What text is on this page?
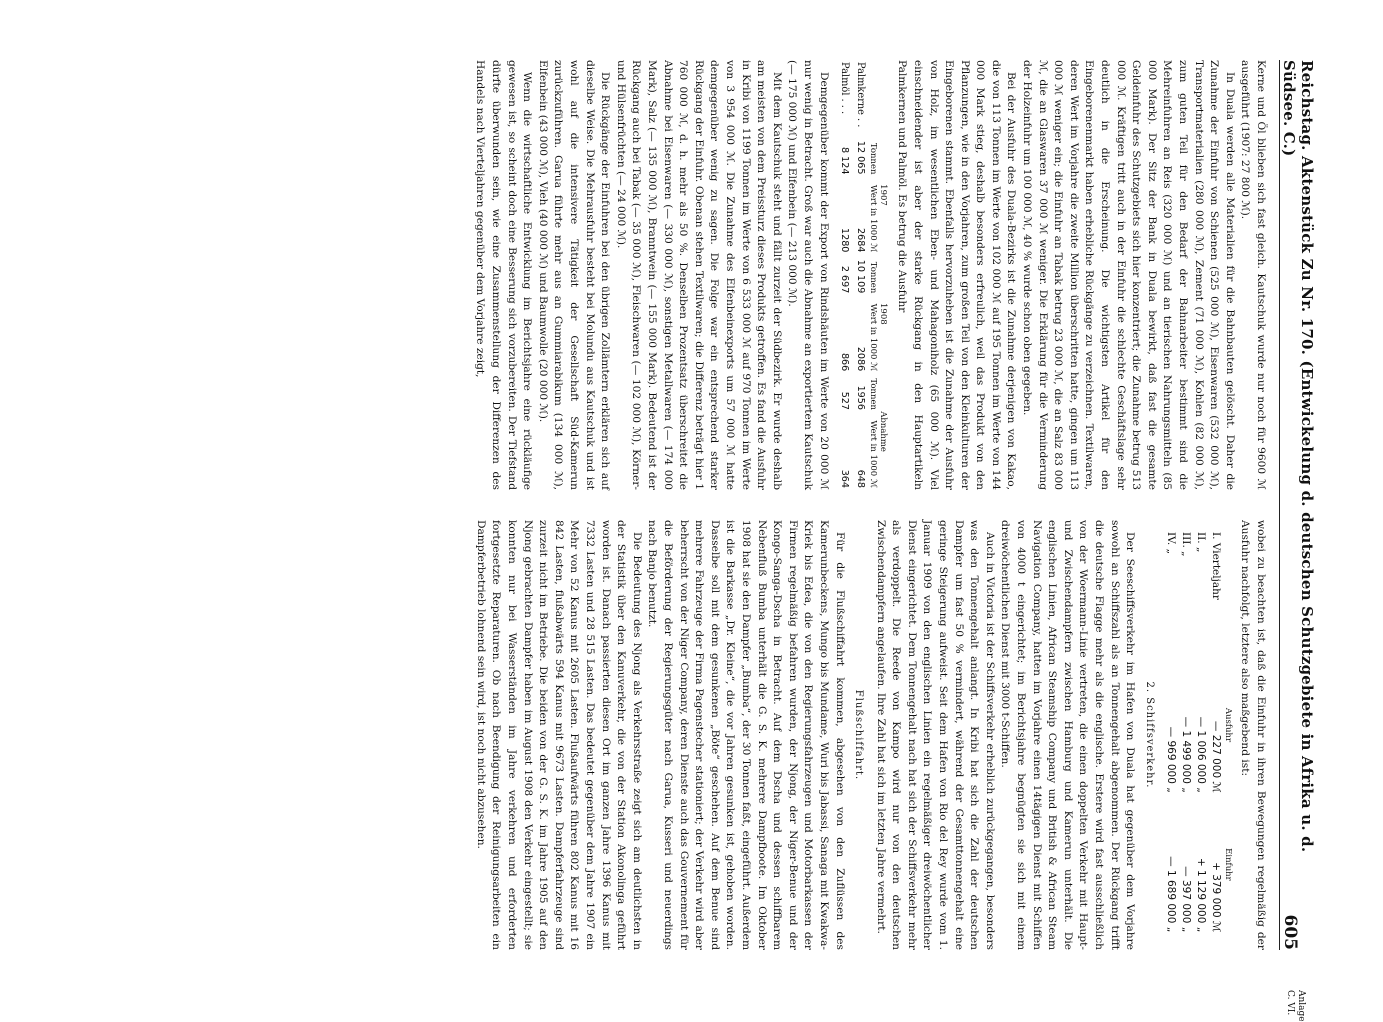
Reichstag. Aktenstück Zu Nr. 170. (Entwickelung d. deutschen Schutzgebiete in Afrika u. d. Südsee. C.)
605

Kerne und Öl blieben sich fast gleich. Kautschuk wurde nur noch für 9600 ℳ ausgeführt (1907: 27 800 ℳ).

In Duala werden alle Materialien für die Bahnbauten gelöscht. Daher die Zunahme der Einfuhr von Schienen (525 000 ℳ), Eisenwaren (532 000 ℳ), Transportmaterialien (280 000 ℳ), Zement (71 000 ℳ), Kohlen (82 000 ℳ), zum guten Teil für den Bedarf der Bahnarbeiter bestimmt sind die Mehreinfuhren an Reis (320 000 ℳ) und an tierischen Nahrungsmitteln (85 000 Mark). Der Sitz der Bank in Duala bewirkt, daß fast die gesamte Geldeinfuhr des Schutzgebiets sich hier konzentriert; die Zunahme betrug 513 000 ℳ. Kräftigen tritt auch in der Einfuhr die schlechte Geschäftslage sehr deutlich in die Erscheinung. Die wichtigsten Artikel für den Eingeborenenmarkt haben erhebliche Rückgänge zu verzeichnen. Textilwaren, deren Wert im Vorjahre die zweite Million überschritten hatte, gingen um 113 000 ℳ weniger ein; die Einfuhr an Tabak betrug 23 000 ℳ, die an Salz 83 000 ℳ, die an Glaswaren 37 000 ℳ weniger. Die Erklärung für die Verminderung der Holzeinfuhr um 100 000 ℳ, 40 % wurde schon oben gegeben.

Bei der Ausfuhr des Duala-Bezirks ist die Zunahme derjenigen von Kakao, die von 113 Tonnen im Werte von 102 000 ℳ auf 195 Tonnen im Werte von 144 000 Mark stieg, deshalb besonders erfreulich, weil das Produkt von den Pflanzungen, wie in den Vorjahren, zum großen Teil von den Kleinkulturen der Eingeborenen stammt. Ebenfalls hervorzuheben ist die Zunahme der Ausfuhr von Holz, im wesentlichen Eben- und Mahagoniholz (65 000 ℳ). Viel einschneidender ist aber der starke Rückgang in den Hauptartikeln Palmkernen und Palmöl. Es betrug die Ausfuhr

	1907		1908		Abnahme	
	Tonnen	Wert in 1000 ℳ	Tonnen	Wert in 1000 ℳ	Tonnen	Wert in 1000 ℳ
Palmkerne . .	12 065	2684	10 109	2086	1956	648
Palmöl . . .	8 124	1280	2 697	866	527	364

Demgegenüber kommt der Export von Rindshäuten im Werte von 20 000 ℳ nur wenig in Betracht. Groß war auch die Abnahme an exportiertem Kautschuk (— 175 000 ℳ) und Elfenbein (— 213 000 ℳ).

Mit dem Kautschuk steht und fällt zurzeit der Südbezirk. Er wurde deshalb am meisten von dem Preissturz dieses Produkts getroffen. Es fand die Ausfuhr in Kribi von 1199 Tonnen im Werte von 6 533 000 ℳ auf 970 Tonnen im Werte von 3 954 000 ℳ. Die Zunahme des Elfenbeinexports um 57 000 ℳ hatte demgegenüber wenig zu sagen. Die Folge war ein entsprechend starker Rückgang der Einfuhr. Obenan stehen Textilwaren; die Differenz beträgt hier 1 760 000 ℳ, d. h. mehr als 50 %. Denselben Prozentsatz überschreitet die Abnahme bei Eisenwaren (— 330 000 ℳ), sonstigen Metallwaren (— 174 000 Mark), Salz (— 135 000 ℳ), Branntwein (— 155 000 Mark). Bedeutend ist der Rückgang auch bei Tabak (— 35 000 ℳ), Fleischwaren (— 102 000 ℳ), Körner- und Hülsenfrüchten (— 24 000 ℳ).

Die Rückgänge der Einfuhren bei den übrigen Zollämtern erklären sich auf dieselbe Weise. Die Mehrausfuhr besteht bei Molundu aus Kautschuk und ist wohl auf die intensivere Tätigkeit der Gesellschaft Süd-Kamerun zurückzuführen. Garua führte mehr aus an Gummiarabikum (134 000 ℳ), Elfenbein (43 000 ℳ), Vieh (40 000 ℳ) und Baumwolle (20 000 ℳ).

Wenn die wirtschaftliche Entwicklung im Berichtsjahre eine rückläufige gewesen ist, so scheint doch eine Besserung sich vorzubereiten. Der Tiefstand dürfte überwunden sein, wie eine Zusammenstellung der Differenzen des Handels nach Vierteljahren gegenüber dem Vorjahre zeigt,

wobei zu beachten ist, daß die Einfuhr in ihren Bewegungen regelmäßig der Ausfuhr nachfolgt, letztere also maßgebend ist:

	Ausfuhr	Einfuhr
I. Vierteljahr	— 227 000 ℳ	+ 379 000 ℳ
II. „	— 1 006 000 „	+ 1 129 000 „
III. „	— 1 499 000 „	— 397 000 „
IV. „	— 969 000 „	— 1 689 000 „
2. Schiffsverkehr.

Der Seeschiffsverkehr im Hafen von Duala hat gegenüber dem Vorjahre sowohl an Schiffszahl als an Tonnengehalt abgenommen. Der Rückgang trifft die deutsche Flagge mehr als die englische. Erstere wird fast ausschließlich von der Woermann-Linie vertreten, die einen doppelten Verkehr mit Haupt- und Zwischendampfern zwischen Hamburg und Kamerun unterhält. Die englischen Linien, African Steamship Company und British & African Steam Navigation Company, hatten im Vorjahre einen 14tägigen Dienst mit Schiffen von 4000 t eingerichtet; im Berichtsjahre begnügten sie sich mit einem dreiwöchentlichen Dienst mit 3000 t-Schiffen.

Auch in Victoria ist der Schiffsverkehr erheblich zurückgegangen, besonders was den Tonnengehalt anlangt. In Kribi hat sich die Zahl der deutschen Dampfer um fast 50 % vermindert, während der Gesamttonnengehalt eine geringe Steigerung aufweist. Seit dem Hafen von Rio del Rey wurde vom 1. Januar 1909 von den englischen Linien ein regelmäßiger dreiwöchentlicher Dienst eingerichtet. Dem Tonnengehalt nach hat sich der Schiffsverkehr mehr als verdoppelt. Die Reede von Kampo wird nur von den deutschen Zwischendampfern angelaufen. Ihre Zahl hat sich im letzten Jahre vermehrt.

Flußschiffahrt.

Für die Flußschiffahrt kommen, abgesehen von den Zuflüssen des Kamerunbeckens, Mungo bis Mundame, Wuri bis Jabassi, Sanaga mit Kwakwa-Kriek bis Edea, die von den Regierungsfahrzeugen und Motorbarkassen der Firmen regelmäßig befahren wurden, der Njong, der Niger-Benue und der Kongo-Sanga-Dscha in Betracht. Auf dem Dscha und dessen schiffbarem Nebenfluß Bumba unterhält die G. S. K. mehrere Dampfboote. Im Oktober 1908 hat sie den Dampfer „Bumba“, der 30 Tonnen faßt, eingeführt. Außerdem ist die Barkasse „Dr. Kleine“, die vor Jahren gesunken ist, gehoben worden. Dasselbe soll mit dem gesunkenen „Böte“ geschehen. Auf dem Benue sind mehrere Fahrzeuge der Firma Pagenstecher stationiert; der Verkehr wird aber beherrscht von der Niger Company, deren Dienste auch das Gouvernement für die Beförderung der Regierungsgüter nach Garua, Kusseri und neuerdings nach Banjo benutzt.

Die Bedeutung des Njong als Verkehrsstraße zeigt sich am deutlichsten in der Statistik über den Kanuverkehr, die von der Station Akonolinga geführt worden ist. Danach passierten diesen Ort im ganzen Jahre 1396 Kanus mit 7332 Lasten und 28 515 Lasten. Das bedeutet gegenüber dem Jahre 1907 ein Mehr von 52 Kanus mit 2605 Lasten. Flußaufwärts führen 802 Kanus mit 16 842 Lasten, flußabwärts 594 Kanus mit 9673 Lasten. Dampferfahrzeuge sind zurzeit nicht im Betriebe. Die beiden von der G. S. K. im Jahre 1905 auf den Njong gebrachten Dampfer haben im August 1908 den Verkehr eingestellt; sie konnten nur bei Wasserständen im Jahre verkehren und erforderten fortgesetzte Reparaturen. Ob nach Beendigung der Reinigungsarbeiten ein Dampferbetrieb lohnend sein wird, ist noch nicht abzusehen.

Anlage C. VI.
